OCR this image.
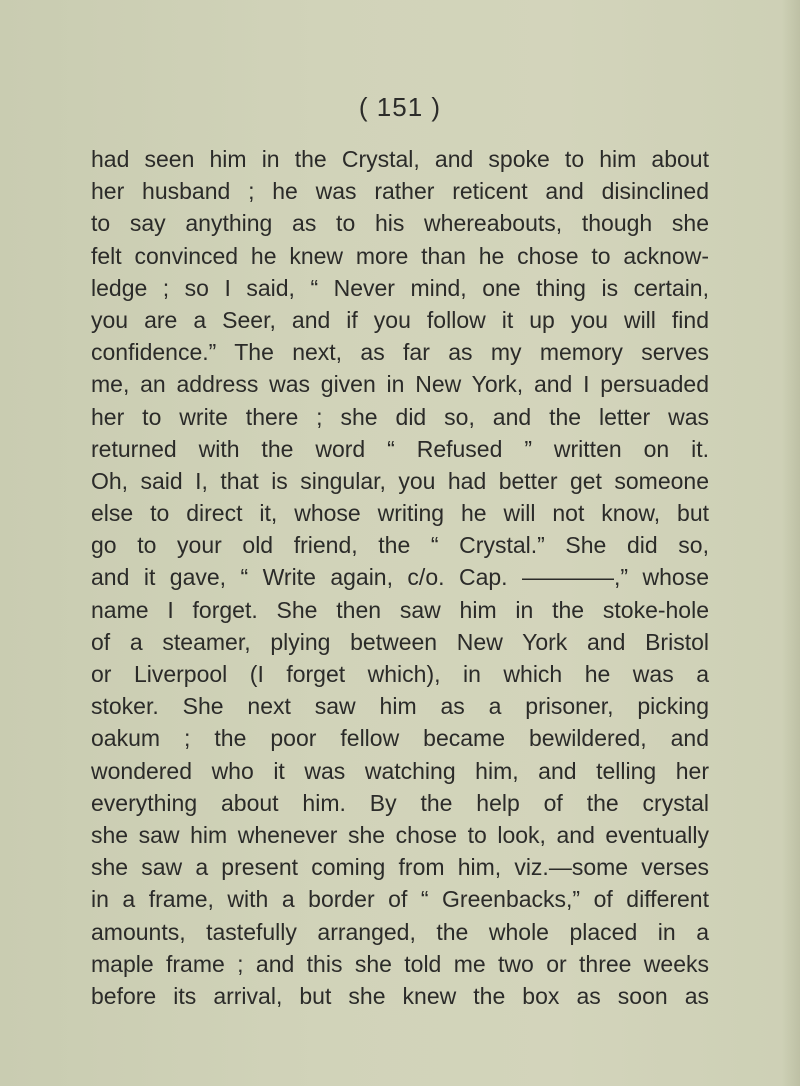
( 151 )
had seen him in the Crystal, and spoke to him about
her husband ; he was rather reticent and disinclined
to say anything as to his whereabouts, though she
felt convinced he knew more than he chose to acknow-
ledge ; so I said, “ Never mind, one thing is certain,
you are a Seer, and if you follow it up you will find
confidence.” The next, as far as my memory serves
me, an address was given in New York, and I persuaded
her to write there ; she did so, and the letter was
returned with the word “ Refused ” written on it.
Oh, said I, that is singular, you had better get someone
else to direct it, whose writing he will not know, but
go to your old friend, the “ Crystal.” She did so,
and it gave, “ Write again, c/o. Cap. ————,” whose
name I forget. She then saw him in the stoke-hole
of a steamer, plying between New York and Bristol
or Liverpool (I forget which), in which he was a
stoker. She next saw him as a prisoner, picking
oakum ; the poor fellow became bewildered, and
wondered who it was watching him, and telling her
everything about him. By the help of the crystal
she saw him whenever she chose to look, and eventually
she saw a present coming from him, viz.—some verses
in a frame, with a border of “ Greenbacks,” of different
amounts, tastefully arranged, the whole placed in a
maple frame ; and this she told me two or three weeks
before its arrival, but she knew the box as soon as
